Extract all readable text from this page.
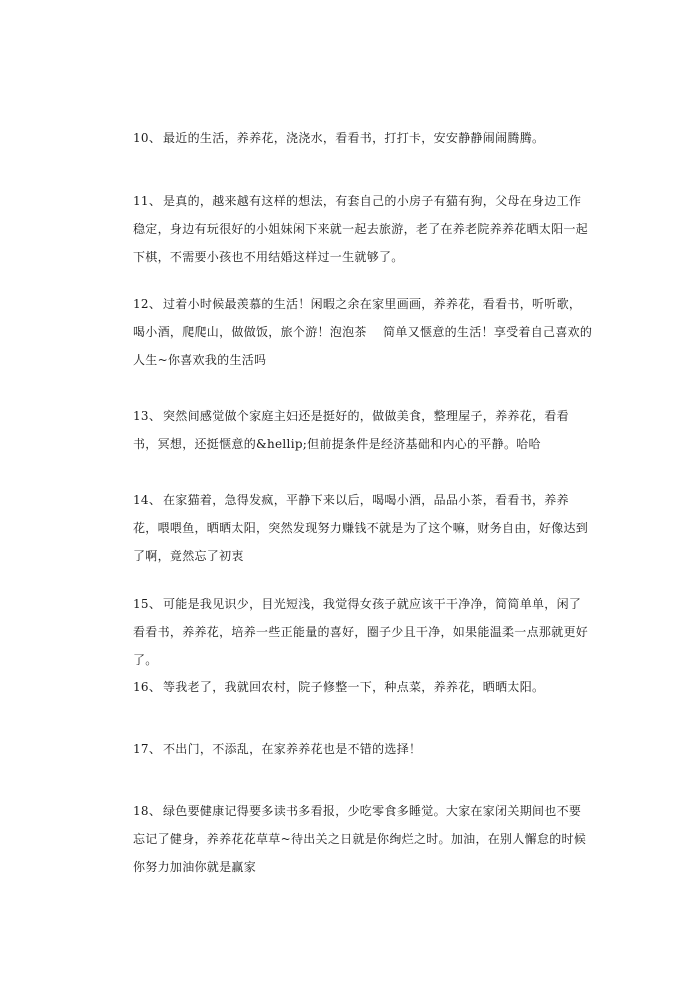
10、 最近的生活，养养花，浇浇水，看看书，打打卡，安安静静闹闹腾腾。
11、 是真的，越来越有这样的想法，有套自己的小房子有猫有狗，父母在身边工作稳定，身边有玩很好的小姐妹闲下来就一起去旅游，老了在养老院养养花晒太阳一起下棋，不需要小孩也不用结婚这样过一生就够了。
12、 过着小时候最羡慕的生活！闲暇之余在家里画画，养养花，看看书，听听歌，喝小酒，爬爬山，做做饭，旅个游！泡泡茶　 简单又惬意的生活！享受着自己喜欢的人生~你喜欢我的生活吗
13、 突然间感觉做个家庭主妇还是挺好的，做做美食，整理屋子，养养花，看看书，冥想，还挺惬意的&hellip;但前提条件是经济基础和内心的平静。哈哈
14、 在家猫着，急得发疯，平静下来以后，喝喝小酒，品品小茶，看看书，养养花，喂喂鱼，晒晒太阳，突然发现努力赚钱不就是为了这个嘛，财务自由，好像达到了啊，竟然忘了初衷
15、 可能是我见识少，目光短浅，我觉得女孩子就应该干干净净，简简单单，闲了看看书，养养花，培养一些正能量的喜好，圈子少且干净，如果能温柔一点那就更好了。
16、 等我老了，我就回农村，院子修整一下，种点菜，养养花，晒晒太阳。
17、 不出门，不添乱，在家养养花也是不错的选择！
18、 绿色要健康记得要多读书多看报，少吃零食多睡觉。大家在家闭关期间也不要忘记了健身，养养花花草草~待出关之日就是你绚烂之时。加油，在别人懈怠的时候你努力加油你就是赢家
